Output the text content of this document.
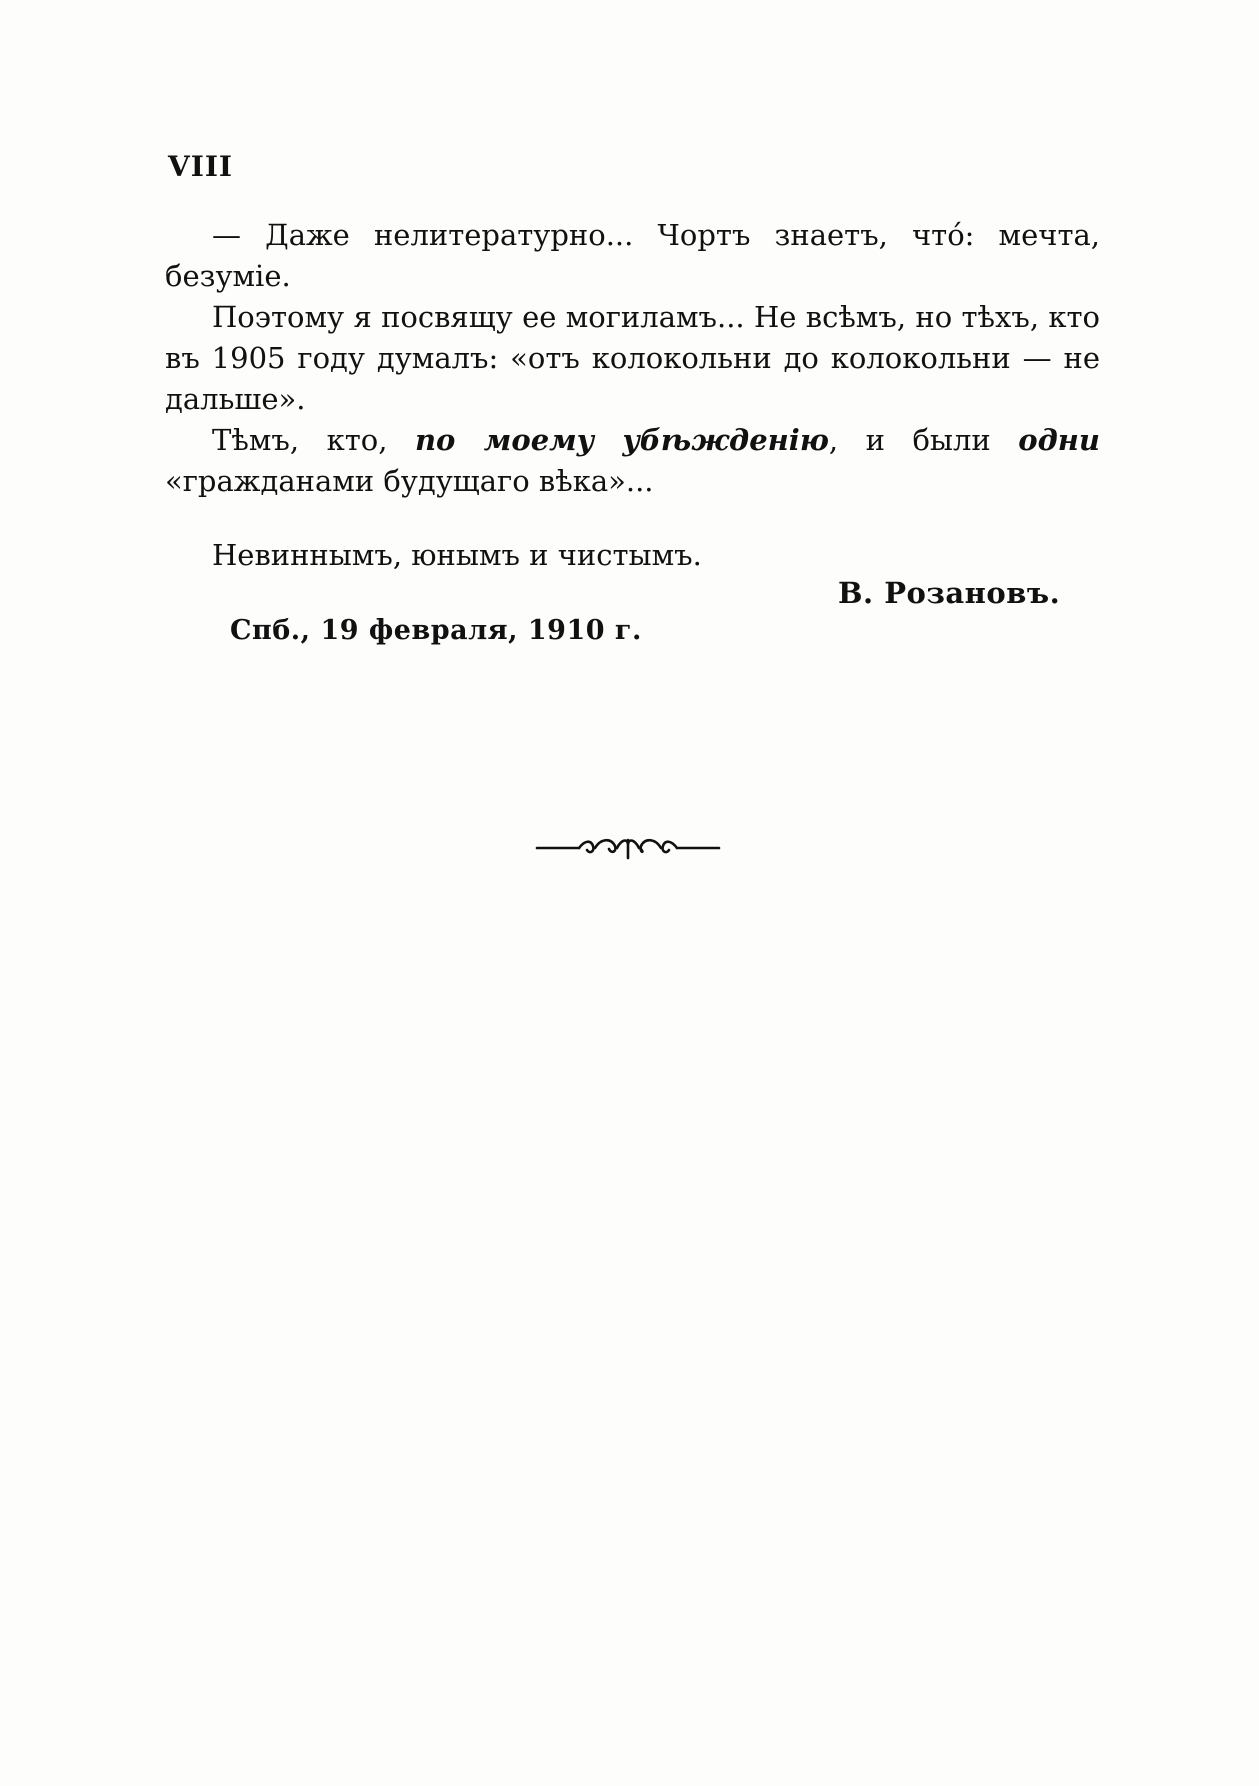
VIII

— Даже нелитературно... Чортъ знаетъ, чтó: мечта, безумiе.

Поэтому я посвящу ее могиламъ... Не всѣмъ, но тѣхъ, кто въ 1905 году думалъ: «отъ колокольни до колокольни — не дальше».

Тѣмъ, кто, по моему убѣжденiю, и были одни «гражданами будущаго вѣка»...

Невиннымъ, юнымъ и чистымъ.
В. Розановъ.
Спб., 19 февраля, 1910 г.
